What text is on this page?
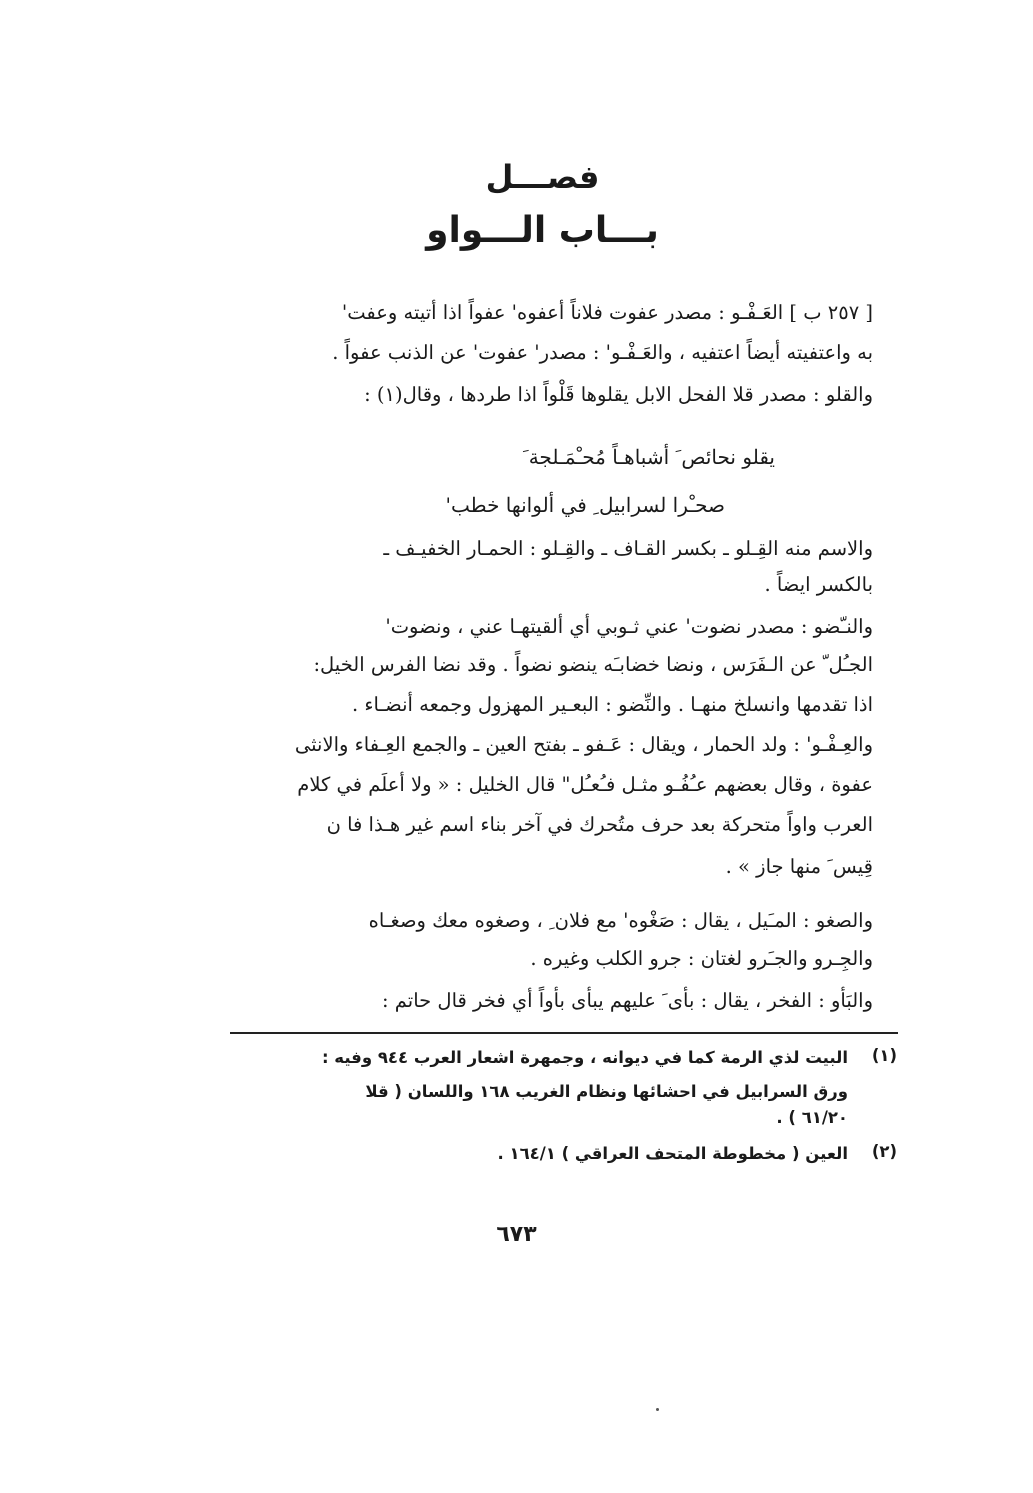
فصـــل
بـــاب الـــواو
[ ٢٥٧ ب ] العَـفْـو : مصدر عفوت فلاناً أعفوه' عفواً اذا أتيته وعفت'
به واعتفيته أيضاً اعتفيه ، والعَـفْـو' : مصدر' عفوت' عن الذنب عفواً .
والقلو : مصدر قلا الفحل الابل يقلوها قَلْواً اذا طردها ، وقال(١) :
يقلو نحائص َ أشباهـاً مُحـْمَـلجة َ
صحـْرا لسرابيل ِ في ألوانها خطب'
والاسم منه القِـلو ـ بكسر القـاف ـ والقِـلو : الحمـار الخفيـف ـ
بالكسر ايضاً .
والنـّضو : مصدر نضوت' عني ثـوبي أي ألقيتهـا عني ، ونضوت'
الجـُل ّ عن الـفَرَس ، ونضا خضابـَه ينضو نضواً . وقد نضا الفرس الخيل:
اذا تقدمها وانسلخ منهـا . والنِّضو : البعـير المهزول وجمعه أنضـاء .
والعِـفْـو' : ولد الحمار ، ويقال : عَـفو ـ بفتح العين ـ والجمع العِـفاء والانثى
عفوة ، وقال بعضهم عـُفُـو مثـل فـُعـُل" قال الخليل : « ولا أعلَم في كلام
العرب واواً متحركة بعد حرف متُحرك في آخر بناء اسم غير هـذا فا ن
قِيس َ منها جاز » .
والصغو : المـَيل ، يقال : صَغْوه' مع فلان ِ ، وصغوه معك وصغـاه
والجِـرو والجـَرو لغتان : جرو الكلب وغيره .
والبَأو : الفخر ، يقال : بأى َ عليهم يبأى بأواً أي فخر قال حاتم :
(١)
البيت لذي الرمة كما في ديوانه ، وجمهرة اشعار العرب ٩٤٤ وفيه :
ورق السرابيل في احشائها ونظام الغريب ١٦٨ واللسان ( قلا
٦١/٢٠ ) .
(٢)
العين ( مخطوطة المتحف العراقي ) ١٦٤/١ .
٦٧٣
